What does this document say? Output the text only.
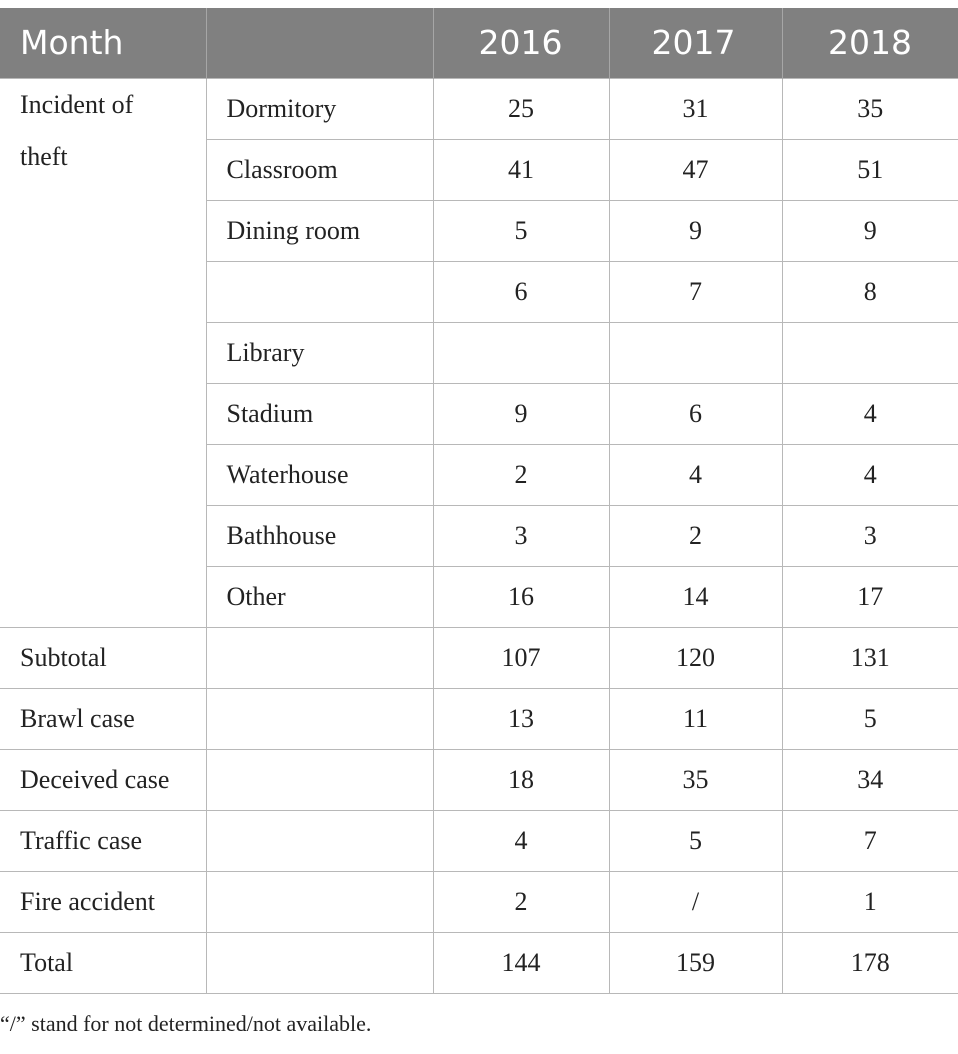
Month		2016	2017	2018
Incident of theft	Dormitory	25	31	35
	Classroom	41	47	51
	Dining room	5	9	9
		6	7	8
	Library			
	Stadium	9	6	4
	Waterhouse	2	4	4
	Bathhouse	3	2	3
	Other	16	14	17
Subtotal		107	120	131
Brawl case		13	11	5
Deceived case		18	35	34
Traffic case		4	5	7
Fire accident		2	/	1
Total		144	159	178

“/” stand for not determined/not available.
